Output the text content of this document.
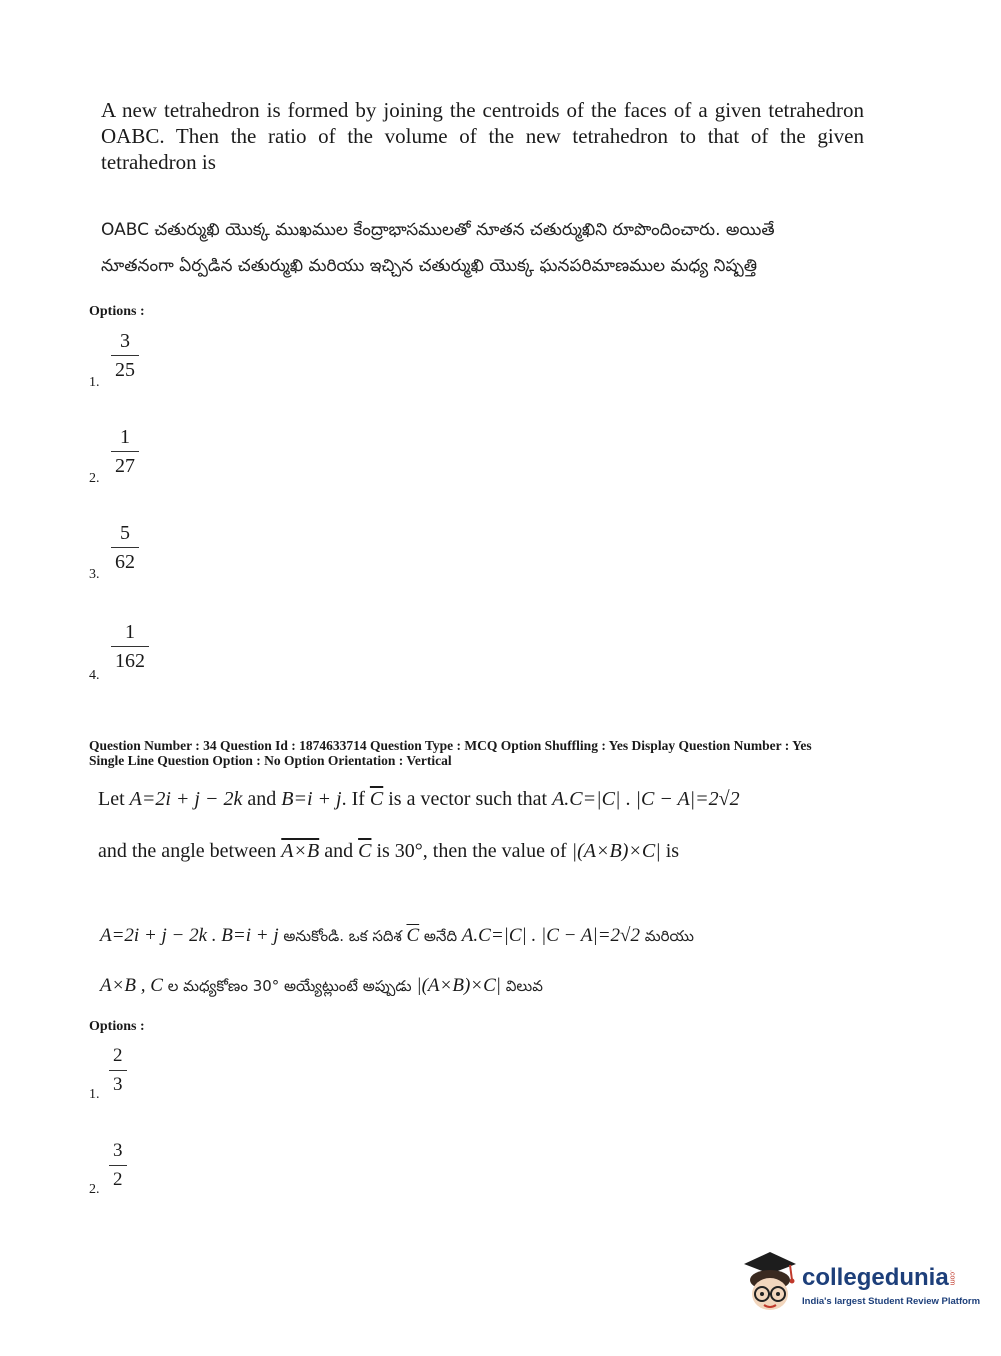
A new tetrahedron is formed by joining the centroids of the faces of a given tetrahedron OABC. Then the ratio of the volume of the new tetrahedron to that of the given tetrahedron is
OABC చతుర్ముఖి యొక్క ముఖముల కేంద్రాభాసములతో నూతన చతుర్ముఖిని రూపొందించారు. అయితే
నూతనంగా ఏర్పడిన చతుర్ముఖి మరియు ఇచ్చిన చతుర్ముఖి యొక్క ఘనపరిమాణముల మధ్య నిష్పత్తి
Options :
1.
3
25
2.
1
27
3.
5
62
4.
1
162
Question Number : 34 Question Id : 1874633714 Question Type : MCQ Option Shuffling : Yes Display Question Number : Yes
Single Line Question Option : No Option Orientation : Vertical
Let A=2i + j − 2k and B=i + j. If $\overline{C}$ is a vector such that A.C=|C| . |C − A|=2√2
and the angle between A×B and $\overline{C}$ is 30°, then the value of |(A×B)×C| is
A=2i + j − 2k . B=i + j అనుకోండి. ఒక సదిశ $\overline{C}$ అనేది A.C=|C| . |C − A|=2√2 మరియు
A×B , C ల మధ్యకోణం 30° అయ్యేట్లుంటే అప్పుడు |(A×B)×C| విలువ
Options :
1.
2
3
2.
3
2
collegedunia.com
India's largest Student Review Platform
